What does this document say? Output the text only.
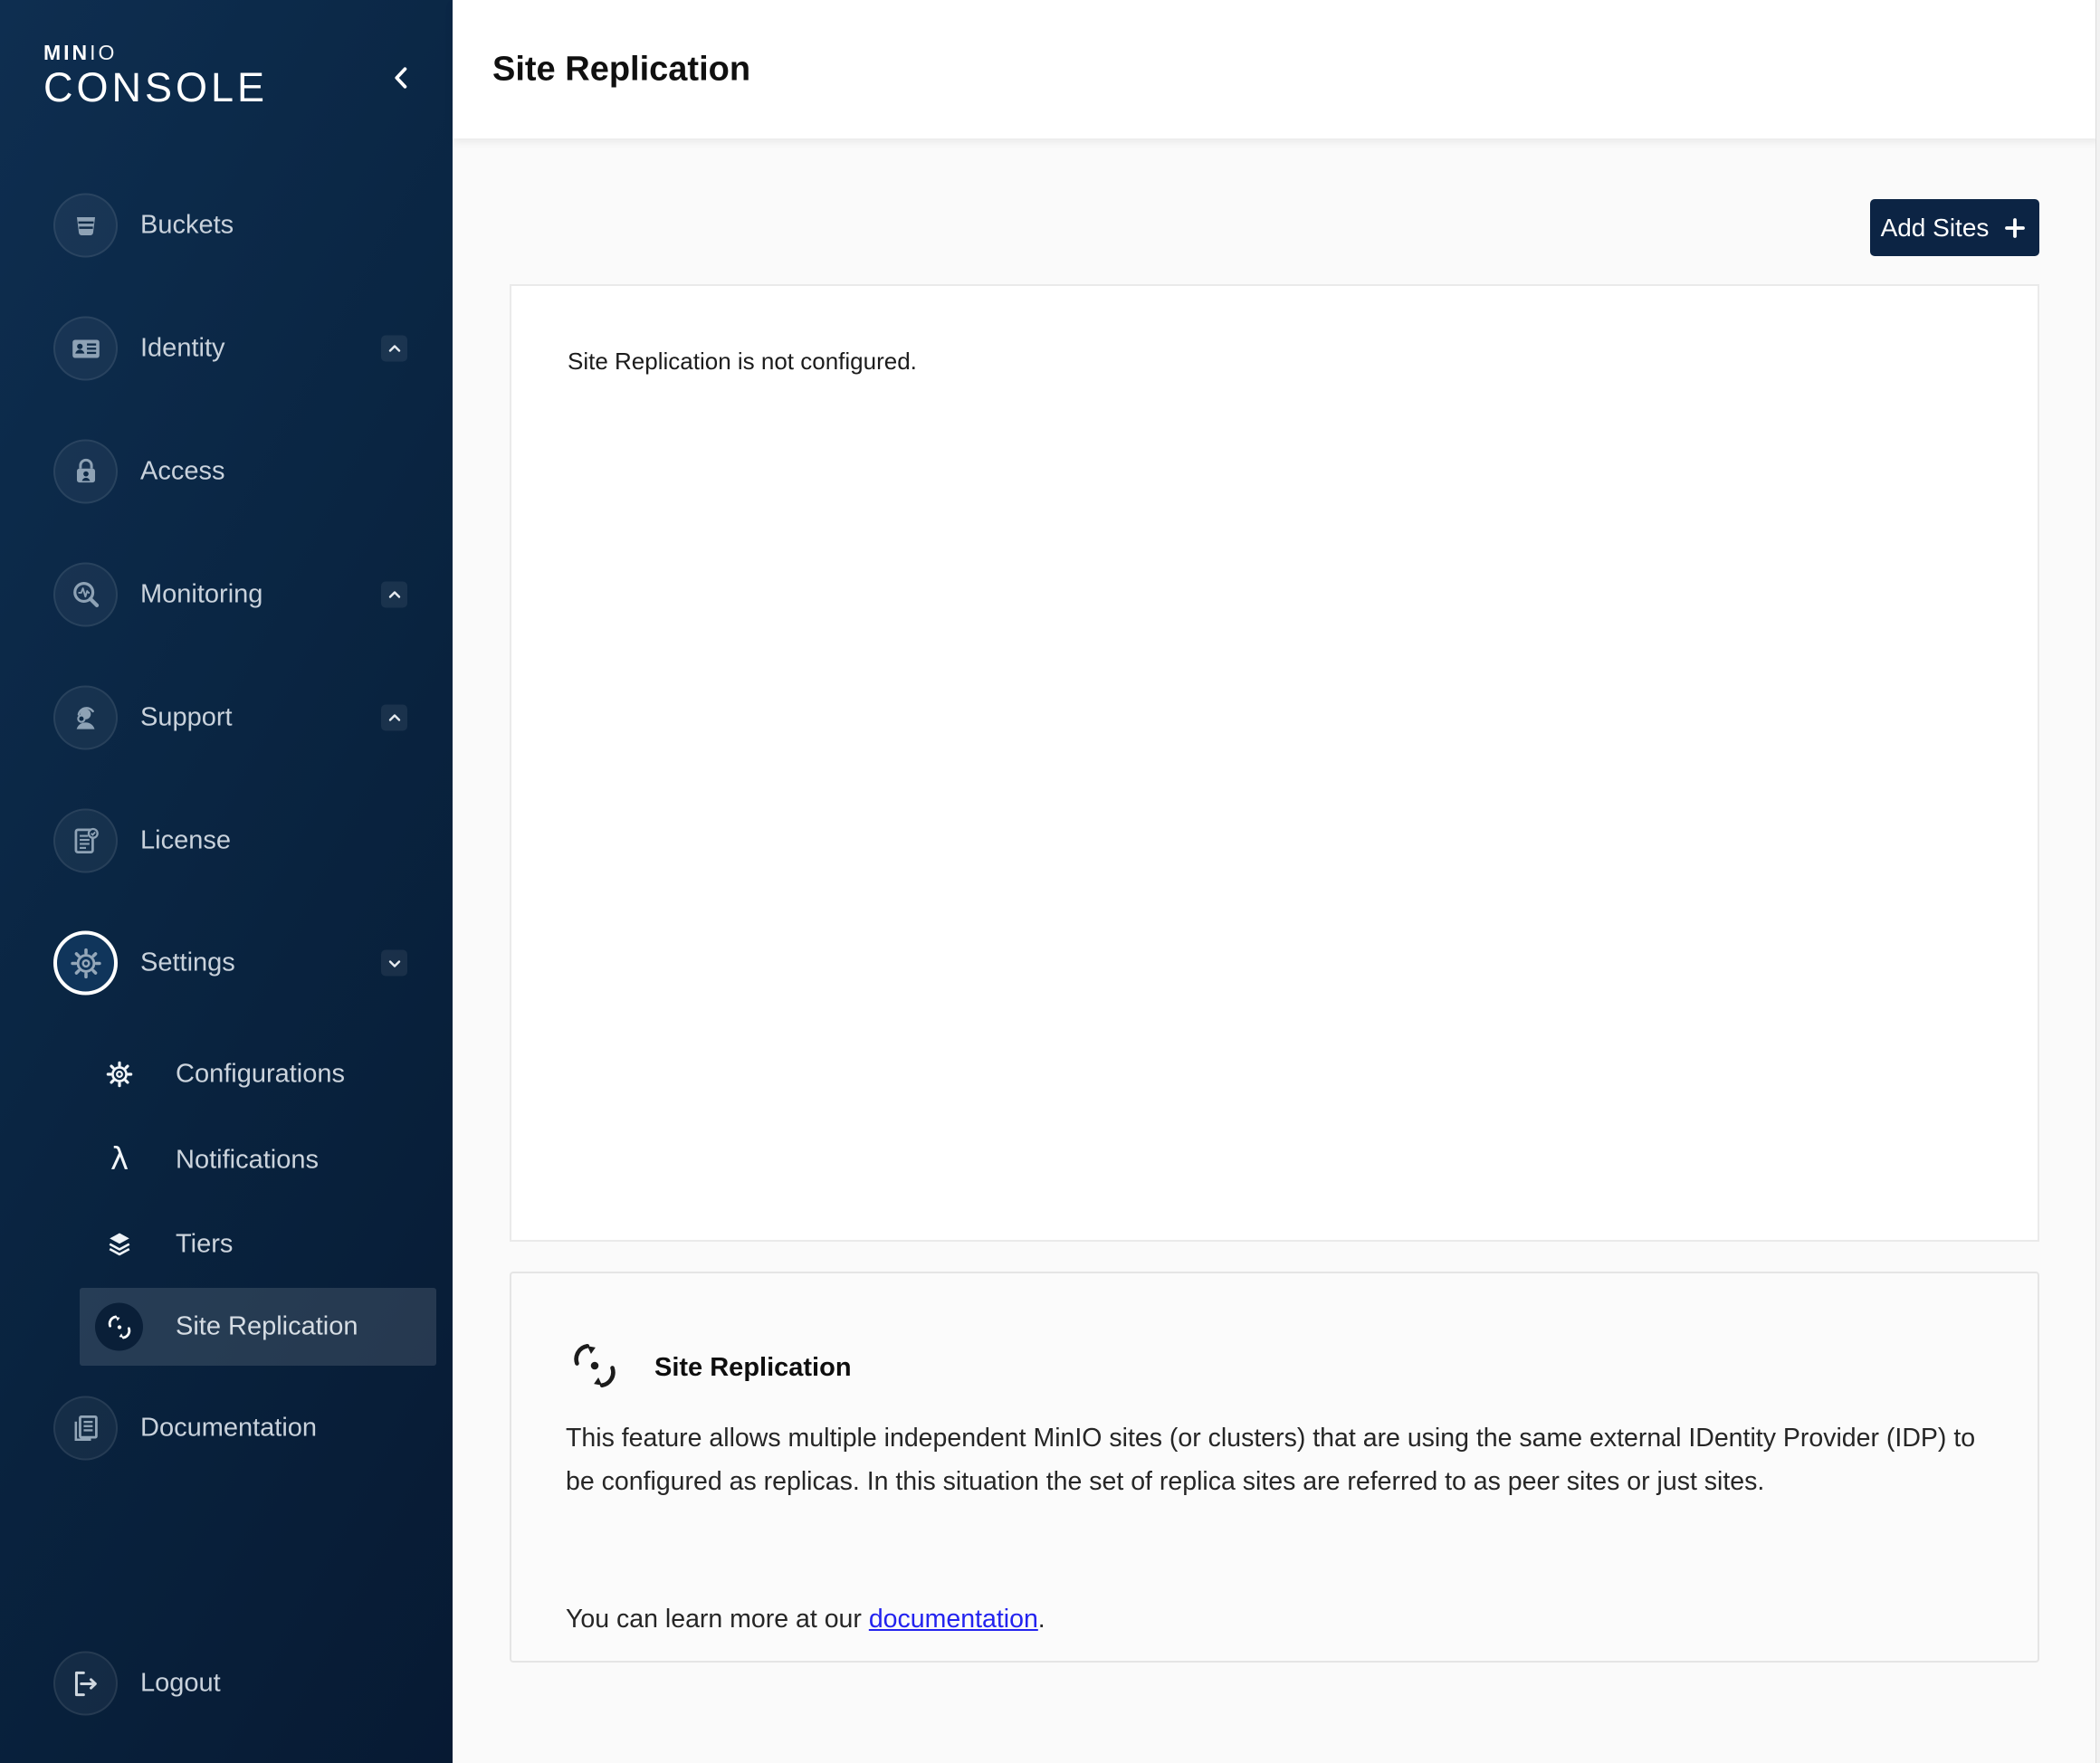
MINIO
CONSOLE
Buckets
Identity
Access
Monitoring
Support
License
Settings
Configurations
λ Notifications
Tiers
Site Replication
Documentation
Logout
Site Replication
Add Sites
Site Replication is not configured.
Site Replication
This feature allows multiple independent MinIO sites (or clusters) that are using the same external IDentity Provider (IDP) to be configured as replicas. In this situation the set of replica sites are referred to as peer sites or just sites.
You can learn more at our documentation.
